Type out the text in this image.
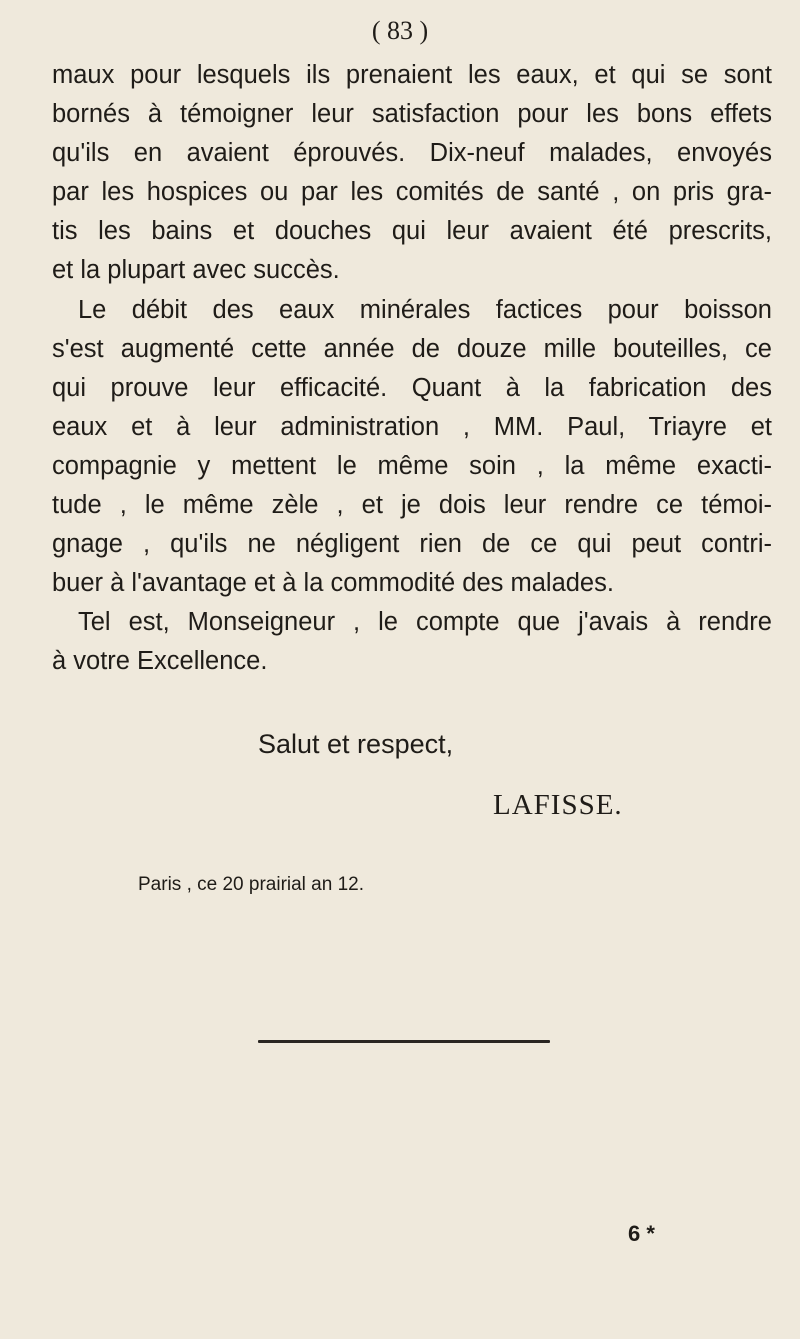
( 83 )
maux pour lesquels ils prenaient les eaux, et qui se sont
bornés à témoigner leur satisfaction pour les bons effets
qu'ils en avaient éprouvés. Dix-neuf malades, envoyés
par les hospices ou par les comités de santé , on pris gra-
tis les bains et douches qui leur avaient été prescrits,
et la plupart avec succès.
Le débit des eaux minérales factices pour boisson
s'est augmenté cette année de douze mille bouteilles, ce
qui prouve leur efficacité. Quant à la fabrication des
eaux et à leur administration , MM. Paul, Triayre et
compagnie y mettent le même soin , la même exacti-
tude , le même zèle , et je dois leur rendre ce témoi-
gnage , qu'ils ne négligent rien de ce qui peut contri-
buer à l'avantage et à la commodité des malades.
Tel est, Monseigneur , le compte que j'avais à rendre
à votre Excellence.
Salut et respect,
LAFISSE.
Paris , ce 20 prairial an 12.
6 *
